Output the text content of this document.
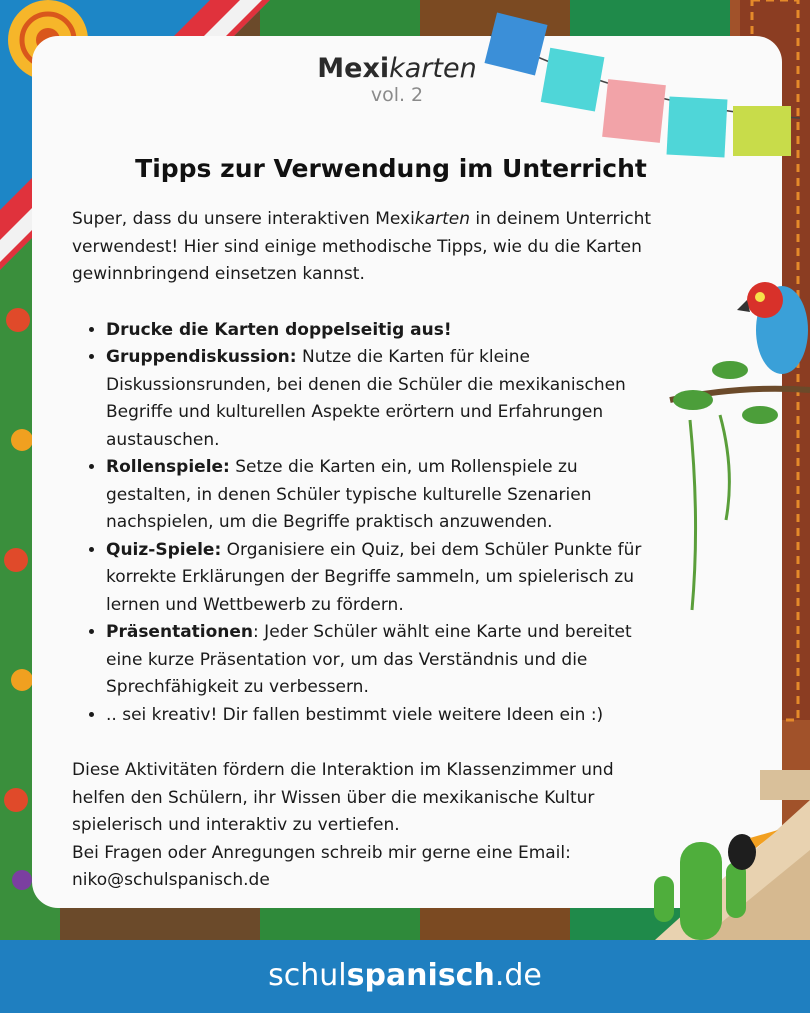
Mexikarten
vol. 2
Tipps zur Verwendung im Unterricht

Super, dass du unsere interaktiven Mexikarten in deinem Unterricht verwendest! Hier sind einige methodische Tipps, wie du die Karten gewinnbringend einsetzen kannst.

• Drucke die Karten doppelseitig aus!
• Gruppendiskussion: Nutze die Karten für kleine Diskussionsrunden, bei denen die Schüler die mexikanischen Begriffe und kulturellen Aspekte erörtern und Erfahrungen austauschen.
• Rollenspiele: Setze die Karten ein, um Rollenspiele zu gestalten, in denen Schüler typische kulturelle Szenarien nachspielen, um die Begriffe praktisch anzuwenden.
• Quiz-Spiele: Organisiere ein Quiz, bei dem Schüler Punkte für korrekte Erklärungen der Begriffe sammeln, um spielerisch zu lernen und Wettbewerb zu fördern.
• Präsentationen: Jeder Schüler wählt eine Karte und bereitet eine kurze Präsentation vor, um das Verständnis und die Sprechfähigkeit zu verbessern.
• .. sei kreativ! Dir fallen bestimmt viele weitere Ideen ein :)

Diese Aktivitäten fördern die Interaktion im Klassenzimmer und helfen den Schülern, ihr Wissen über die mexikanische Kultur spielerisch und interaktiv zu vertiefen.

Bei Fragen oder Anregungen schreib mir gerne eine Email:

niko@schulspanisch.de

schulspanisch.de
